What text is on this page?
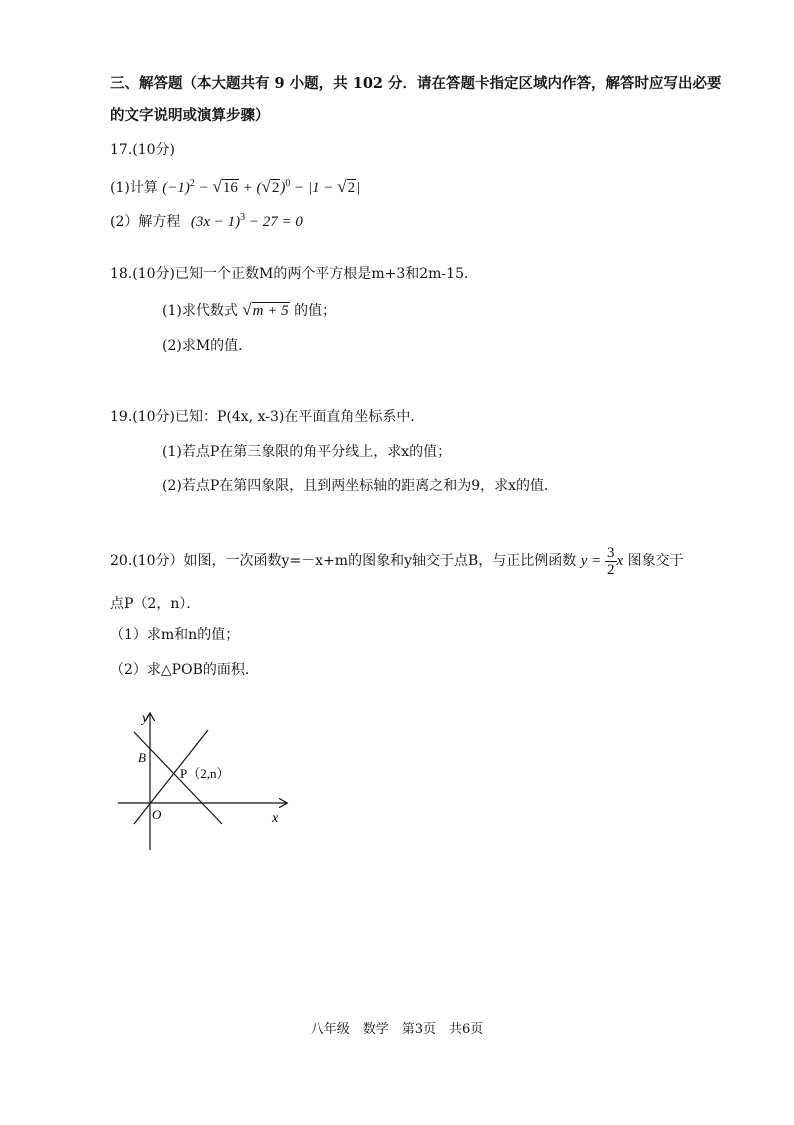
三、解答题（本大题共有 9 小题，共 102 分．请在答题卡指定区域内作答，解答时应写出必要
的文字说明或演算步骤）
17.(10分)
(1)计算 $(-1)^2 - √16 + (√2)^0 - |1 - √2|$
(2）解方程 $(3x - 1)^3 - 27 = 0$
18.(10分)已知一个正数M的两个平方根是m+3和2m-15．
(1)求代数式 √m + 5 的值；
(2)求M的值．
19.(10分)已知：P(4x, x-3)在平面直角坐标系中．
(1)若点P在第三象限的角平分线上，求x的值；
(2)若点P在第四象限，且到两坐标轴的距离之和为9，求x的值．
20.(10分）如图，一次函数y=－x+m的图象和y轴交于点B，与正比例函数 $y = \frac{3}{2}$ x 图象交于
点P（2，n）．
（1）求m和n的值；
（2）求△POB的面积．
y
x
O
B
P（2,n）
八年级　数学　第3页　共6页
